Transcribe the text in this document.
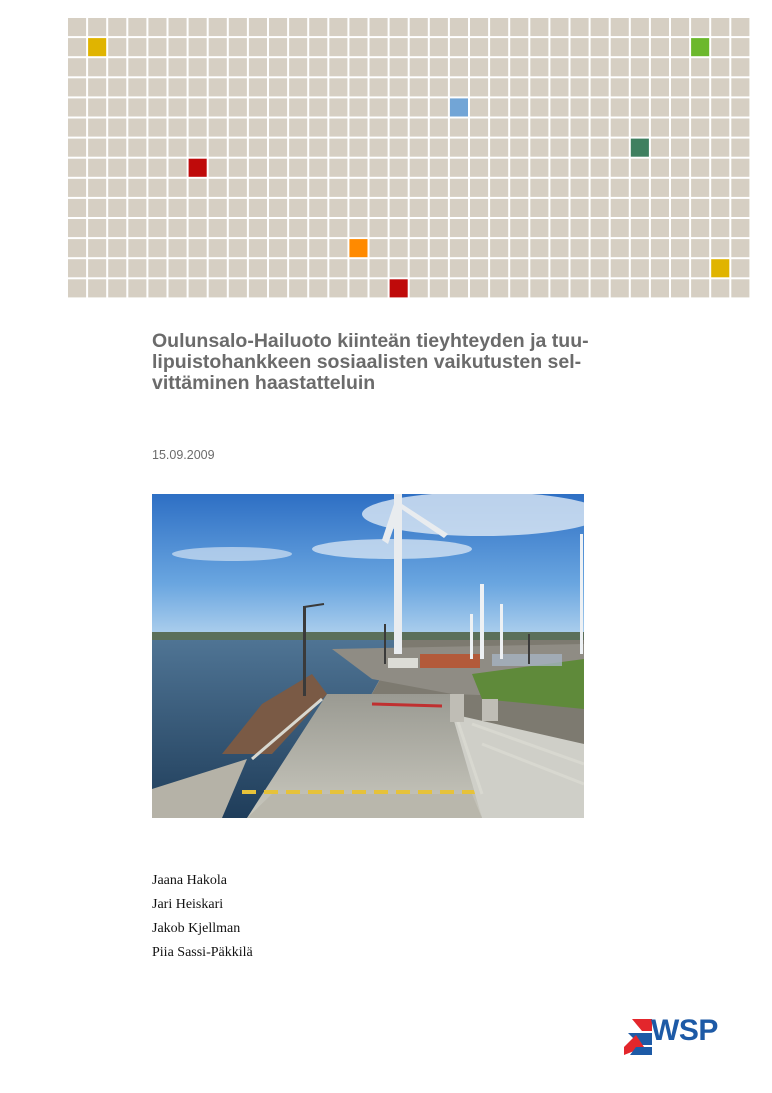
Oulunsalo-Hailuoto kiinteän tieyhteyden ja tuu-
lipuistohankkeen sosiaalisten vaikutusten sel-
vittäminen haastatteluin
15.09.2009
Jaana Hakola
Jari Heiskari
Jakob Kjellman
Piia Sassi-Päkkilä
WSP
